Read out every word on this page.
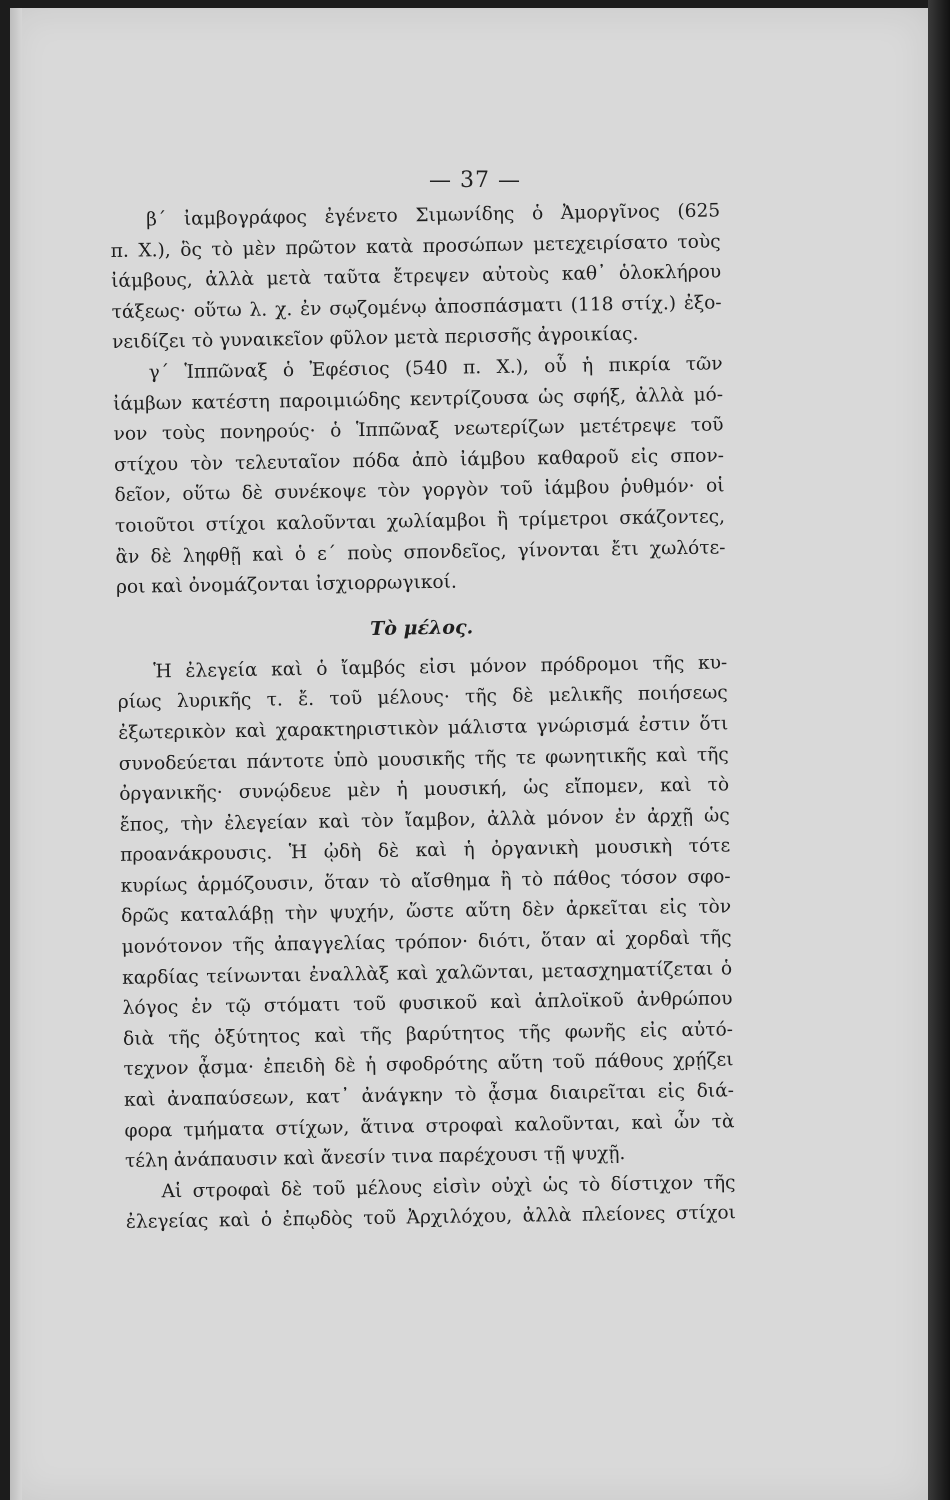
— 37 —
β΄ ἰαμβογράφος ἐγένετο Σιμωνίδης ὁ Ἀμοργῖνος (625
π. Χ.), ὃς τὸ μὲν πρῶτον κατὰ προσώπων μετεχειρίσατο τοὺς
ἰάμβους, ἀλλὰ μετὰ ταῦτα ἔτρεψεν αὐτοὺς καθ᾿ ὁλοκλήρου
τάξεως· οὕτω λ. χ. ἐν σῳζομένῳ ἀποσπάσματι (118 στίχ.) ἐξο-
νειδίζει τὸ γυναικεῖον φῦλον μετὰ περισσῆς ἀγροικίας.
γ΄ Ἱππῶναξ ὁ Ἐφέσιος (540 π. Χ.), οὗ ἡ πικρία τῶν
ἰάμβων κατέστη παροιμιώδης κεντρίζουσα ὡς σφήξ, ἀλλὰ μό-
νον τοὺς πονηρούς· ὁ Ἱππῶναξ νεωτερίζων μετέτρεψε τοῦ
στίχου τὸν τελευταῖον πόδα ἀπὸ ἰάμβου καθαροῦ εἰς σπον-
δεῖον, οὕτω δὲ συνέκοψε τὸν γοργὸν τοῦ ἰάμβου ῥυθμόν· οἱ
τοιοῦτοι στίχοι καλοῦνται χωλίαμβοι ἢ τρίμετροι σκάζοντες,
ἂν δὲ ληφθῇ καὶ ὁ ε΄ ποὺς σπονδεῖος, γίνονται ἔτι χωλότε-
ροι καὶ ὀνομάζονται ἰσχιορρωγικοί.
Τὸ μέλος.
Ἡ ἐλεγεία καὶ ὁ ἴαμβός εἰσι μόνον πρόδρομοι τῆς κυ-
ρίως λυρικῆς τ. ἔ. τοῦ μέλους· τῆς δὲ μελικῆς ποιήσεως
ἐξωτερικὸν καὶ χαρακτηριστικὸν μάλιστα γνώρισμά ἐστιν ὅτι
συνοδεύεται πάντοτε ὑπὸ μουσικῆς τῆς τε φωνητικῆς καὶ τῆς
ὀργανικῆς· συνῴδευε μὲν ἡ μουσική, ὡς εἴπομεν, καὶ τὸ
ἔπος, τὴν ἐλεγείαν καὶ τὸν ἴαμβον, ἀλλὰ μόνον ἐν ἀρχῇ ὡς
προανάκρουσις. Ἡ ᾠδὴ δὲ καὶ ἡ ὀργανικὴ μουσικὴ τότε
κυρίως ἁρμόζουσιν, ὅταν τὸ αἴσθημα ἢ τὸ πάθος τόσον σφο-
δρῶς καταλάβῃ τὴν ψυχήν, ὥστε αὕτη δὲν ἀρκεῖται εἰς τὸν
μονότονον τῆς ἀπαγγελίας τρόπον· διότι, ὅταν αἱ χορδαὶ τῆς
καρδίας τείνωνται ἐναλλὰξ καὶ χαλῶνται, μετασχηματίζεται ὁ
λόγος ἐν τῷ στόματι τοῦ φυσικοῦ καὶ ἁπλοϊκοῦ ἀνθρώπου
διὰ τῆς ὀξύτητος καὶ τῆς βαρύτητος τῆς φωνῆς εἰς αὐτό-
τεχνον ᾆσμα· ἐπειδὴ δὲ ἡ σφοδρότης αὕτη τοῦ πάθους χρῄζει
καὶ ἀναπαύσεων, κατ᾿ ἀνάγκην τὸ ᾆσμα διαιρεῖται εἰς διά-
φορα τμήματα στίχων, ἅτινα στροφαὶ καλοῦνται, καὶ ὧν τὰ
τέλη ἀνάπαυσιν καὶ ἄνεσίν τινα παρέχουσι τῇ ψυχῇ.
Αἱ στροφαὶ δὲ τοῦ μέλους εἰσὶν οὐχὶ ὡς τὸ δίστιχον τῆς
ἐλεγείας καὶ ὁ ἐπῳδὸς τοῦ Ἀρχιλόχου, ἀλλὰ πλείονες στίχοι
